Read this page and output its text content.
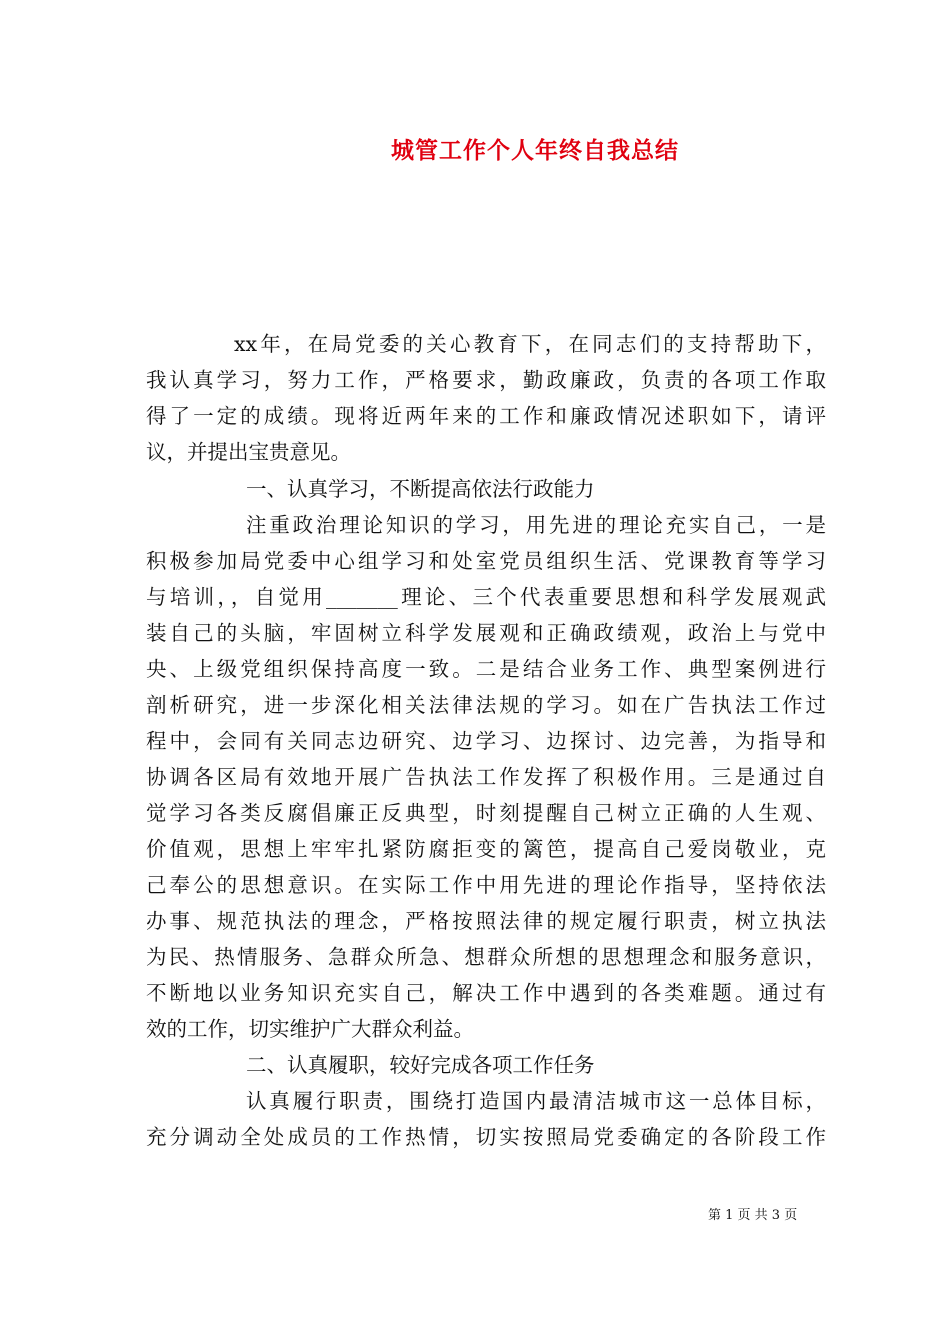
城管工作个人年终自我总结
xx年，在局党委的关心教育下，在同志们的支持帮助下，
我认真学习，努力工作，严格要求，勤政廉政，负责的各项工作取
得了一定的成绩。现将近两年来的工作和廉政情况述职如下，请评
议，并提出宝贵意见。
一、认真学习，不断提高依法行政能力
注重政治理论知识的学习，用先进的理论充实自己，一是
积极参加局党委中心组学习和处室党员组织生活、党课教育等学习
与培训，，自觉用_______理论、三个代表重要思想和科学发展观武
装自己的头脑，牢固树立科学发展观和正确政绩观，政治上与党中
央、上级党组织保持高度一致。二是结合业务工作、典型案例进行
剖析研究，进一步深化相关法律法规的学习。如在广告执法工作过
程中，会同有关同志边研究、边学习、边探讨、边完善，为指导和
协调各区局有效地开展广告执法工作发挥了积极作用。三是通过自
觉学习各类反腐倡廉正反典型，时刻提醒自己树立正确的人生观、
价值观，思想上牢牢扎紧防腐拒变的篱笆，提高自己爱岗敬业，克
己奉公的思想意识。在实际工作中用先进的理论作指导，坚持依法
办事、规范执法的理念，严格按照法律的规定履行职责，树立执法
为民、热情服务、急群众所急、想群众所想的思想理念和服务意识，
不断地以业务知识充实自己，解决工作中遇到的各类难题。通过有
效的工作，切实维护广大群众利益。
二、认真履职，较好完成各项工作任务
认真履行职责，围绕打造国内最清洁城市这一总体目标，
充分调动全处成员的工作热情，切实按照局党委确定的各阶段工作
第 1 页 共 3 页
